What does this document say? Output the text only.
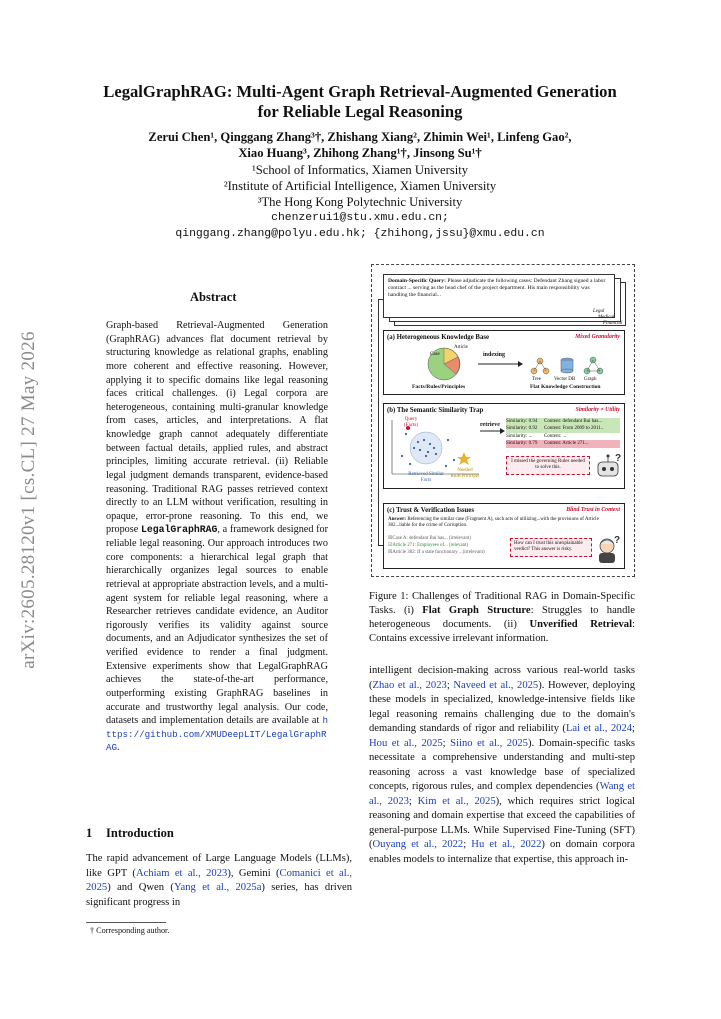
arXiv:2605.28120v1 [cs.CL] 27 May 2026
LegalGraphRAG: Multi-Agent Graph Retrieval-Augmented Generation
for Reliable Legal Reasoning
Zerui Chen¹, Qinggang Zhang³†, Zhishang Xiang², Zhimin Wei¹, Linfeng Gao²,
Xiao Huang³, Zhihong Zhang¹†, Jinsong Su¹†
¹School of Informatics, Xiamen University
²Institute of Artificial Intelligence, Xiamen University
³The Hong Kong Polytechnic University
chenzerui1@stu.xmu.edu.cn;
qinggang.zhang@polyu.edu.hk; {zhihong,jssu}@xmu.edu.cn
Abstract
Graph-based Retrieval-Augmented Generation (GraphRAG) advances flat document retrieval by structuring knowledge as relational graphs, enabling more coherent and effective reasoning. However, applying it to specific domains like legal reasoning faces critical challenges. (i) Legal corpora are heterogeneous, containing multi-granular knowledge from cases, articles, and interpretations. A flat knowledge graph cannot adequately differentiate between factual details, applied rules, and abstract principles, limiting accurate retrieval. (ii) Reliable legal judgment demands transparent, evidence-based reasoning. Traditional RAG passes retrieved context directly to an LLM without verification, resulting in opaque, error-prone reasoning. To this end, we propose LegalGraphRAG, a framework designed for reliable legal reasoning. Our approach introduces two core components: a hierarchical legal graph that hierarchically organizes legal sources to enable retrieval at appropriate abstraction levels, and a multi-agent system for reliable legal reasoning, where a Researcher retrieves candidate evidence, an Auditor rigorously verifies its validity against source documents, and an Adjudicator synthesizes the set of verified evidence to render a final judgment. Extensive experiments show that LegalGraphRAG achieves the state-of-the-art performance, outperforming existing GraphRAG baselines in accurate and trustworthy legal analysis. Our code, datasets and implementation details are available at https://github.com/XMUDeepLIT/LegalGraphRAG.
1 Introduction
The rapid advancement of Large Language Models (LLMs), like GPT (Achiam et al., 2023), Gemini (Comanici et al., 2025) and Qwen (Yang et al., 2025a) series, has driven significant progress in
† Corresponding author.
Domain-Specific Query: Please adjudicate the following cases: Defendant Zhang signed a labor contract ... serving as the head chef of the project department. His main responsibility was handling the financial...
Legal
Medical
Financial
(a) Heterogeneous Knowledge Base	Mixed Granularity
Case
Article
indexing
Tree	Vector DB Graph
Facts/Rules/Principles	Flat Knowledge Construction
(b) The Semantic Similarity Trap	Similarity ≠ Utility
Query (Facts)	retrieve
Retrieved Similar Facts
Needed Rule/Principle
Similarity: 0.94	Content: defendant Bai has...
Similarity: 0.92	Content: From 2009 to 2011..
Similarity: ...	Content: ...
Similarity: 0.79	Content: Article 271...
I missed the governing Rules needed to solve this.
?
(c) Trust & Verification Issues	Blind Trust in Context
Answer: Referencing the similar case (Fragment A), such acts of utilizing...with the provisions of Article 382...liable for the crime of Corruption.
☒Case A: defendant Bai has... (irrelevant)
☑Article 271: Employees of... (relevant)
☒Article 382: If a state functionary ...(irrelevant)
How can I trust this unexplainable verdict? This answer is risky.
?
Figure 1: Challenges of Traditional RAG in Domain-Specific Tasks. (i) Flat Graph Structure: Struggles to handle heterogeneous documents. (ii) Unverified Retrieval: Contains excessive irrelevant information.
intelligent decision-making across various real-world tasks (Zhao et al., 2023; Naveed et al., 2025). However, deploying these models in specialized, knowledge-intensive fields like legal reasoning remains challenging due to the domain's demanding standards of rigor and reliability (Lai et al., 2024; Hou et al., 2025; Siino et al., 2025). Domain-specific tasks necessitate a comprehensive understanding and multi-step reasoning across a vast knowledge base of specialized concepts, rigorous rules, and complex dependencies (Wang et al., 2023; Kim et al., 2025), which requires strict logical reasoning and domain expertise that exceed the capabilities of general-purpose LLMs. While Supervised Fine-Tuning (SFT) (Ouyang et al., 2022; Hu et al., 2022) on domain corpora enables models to internalize that expertise, this approach in-
